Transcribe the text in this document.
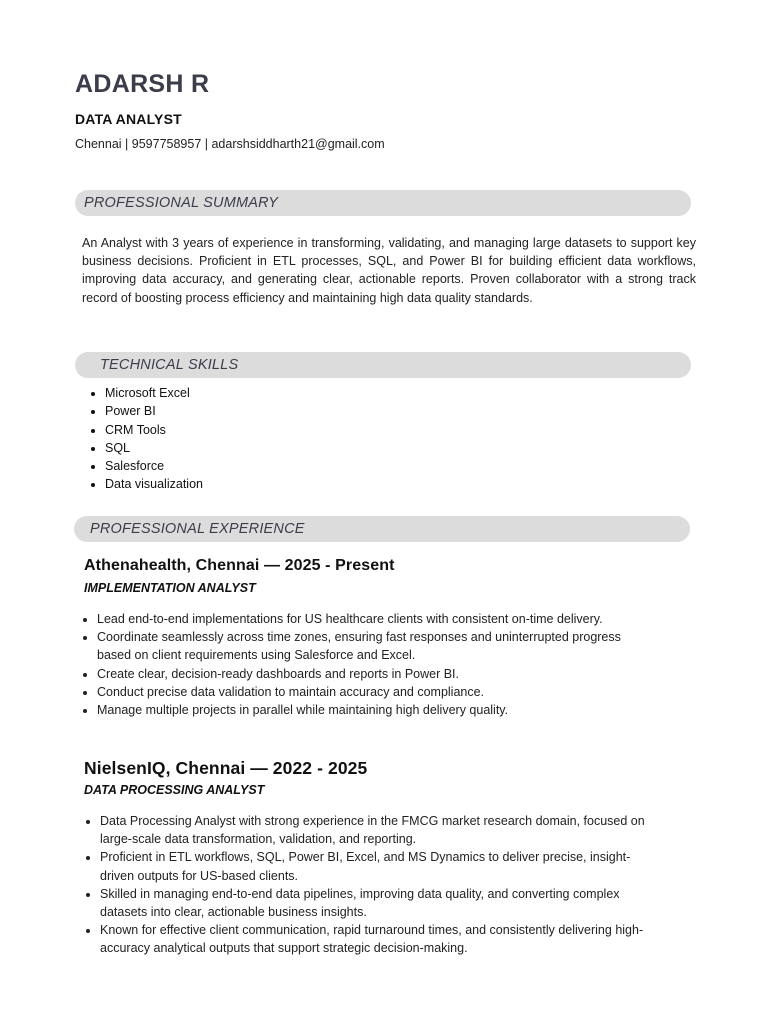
ADARSH R
DATA ANALYST
Chennai | 9597758957 | adarshsiddharth21@gmail.com
PROFESSIONAL SUMMARY
An Analyst with 3 years of experience in transforming, validating, and managing large datasets to support key business decisions. Proficient in ETL processes, SQL, and Power BI for building efficient data workflows, improving data accuracy, and generating clear, actionable reports. Proven collaborator with a strong track record of boosting process efficiency and maintaining high data quality standards.
TECHNICAL SKILLS
• Microsoft Excel
• Power BI
• CRM Tools
• SQL
• Salesforce
• Data visualization
PROFESSIONAL EXPERIENCE
Athenahealth, Chennai — 2025 - Present
IMPLEMENTATION ANALYST
• Lead end-to-end implementations for US healthcare clients with consistent on-time delivery.
• Coordinate seamlessly across time zones, ensuring fast responses and uninterrupted progress based on client requirements using Salesforce and Excel.
• Create clear, decision-ready dashboards and reports in Power BI.
• Conduct precise data validation to maintain accuracy and compliance.
• Manage multiple projects in parallel while maintaining high delivery quality.
NielsenIQ, Chennai — 2022 - 2025
DATA PROCESSING ANALYST
• Data Processing Analyst with strong experience in the FMCG market research domain, focused on large-scale data transformation, validation, and reporting.
• Proficient in ETL workflows, SQL, Power BI, Excel, and MS Dynamics to deliver precise, insight-driven outputs for US-based clients.
• Skilled in managing end-to-end data pipelines, improving data quality, and converting complex datasets into clear, actionable business insights.
• Known for effective client communication, rapid turnaround times, and consistently delivering high-accuracy analytical outputs that support strategic decision-making.
